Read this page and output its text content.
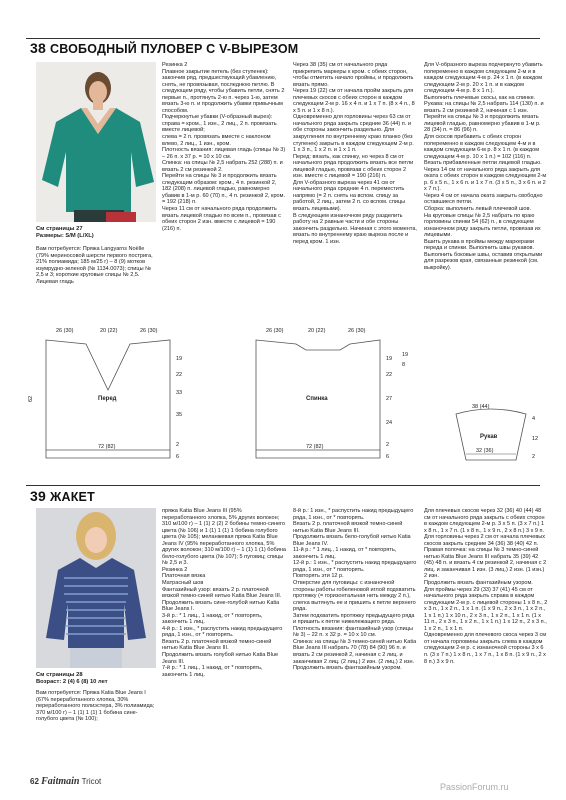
38 СВОБОДНЫЙ ПУЛОВЕР С V-ВЫРЕЗОМ
См страницы 27
Размеры: S/M (L/XL)
Вам потребуется: Пряжа Langyarns Noëlle (79% мериносовой шерсти первого пострига, 21% полиамида; 185 м/25 г) – 8 (9) мотков изумрудно-зеленой (№ 1134.0073); спицы № 2,5 и 3; короткие круговые спицы № 2,5.
Лицевая гладь
Резинка 2
Плавное закрытие петель (без ступенек): закончив ряд, предшествующий убавлению, снять, не провязывая, последнюю петлю. В следующем ряду, чтобы убавить петли, снять 2 первые п., протянуть 2-ю п. через 1-ю, затем вязать 3-ю п. и продолжить убавки привычным способом.
Подчеркнутые убавки (V-образный вырез):
справа = кром., 1 изн., 2 лиц., 2 п. провязать вместе лицевой;
слева = 2 п. провязать вместе с наклоном влево, 2 лиц., 1 изн., кром.
Плотность вязания: лицевая гладь (спицы № 3) – 26 п. х 37 р. = 10 х 10 см.
Спинка: на спицы № 2,5 набрать 252 (288) п. и вязать 2 см резинкой 2.
Перейти на спицы № 3 и продолжить вязать следующим образом: кром., 4 п. резинкой 2, 182 (208) п. лицевой гладью, равномерно убавив в 1-м р. 60 (70) п., 4 п. резинкой 2, кром. = 192 (218) п.
Через 11 см от начального ряда продолжить вязать лицевой гладью по всем п., провязав с обеих сторон 2 изн. вместе с лицевой = 190 (216) п.
Через 38 (35) см от начального ряда прикрепить маркеры к кром. с обеих сторон, чтобы отметить начало проймы, и продолжить вязать прямо.
Через 19 (22) см от начала пройм закрыть для плечевых скосов с обеих сторон в каждом следующем 2-м р. 16 х 4 п. и 1 х 7 п. (8 х 4 п., 8 х 5 п. и 1 х 8 п.).
Одновременно для горловины через 63 см от начального ряда закрыть средние 36 (44) п. и обе стороны закончить раздельно. Для закругления по внутреннему краю планко (без ступенек) закрыть в каждом следующем 2-м р. 1 х 3 п., 1 х 2 п. и 1 х 1 п.
Перед: вязать, как спинку, но через 8 см от начального ряда продолжить вязать все петли лицевой гладью, провязав с обеих сторон 2 изн. вместе с лицевой = 190 (216) п.
Для V-образного выреза через 41 см от начального ряда средние 4 п. переместить напрямо (= 2 п. снять на вспом. спицу за работой, 2 лиц., затем 2 п. со вспом. спицы вязать лицевыми).
В следующем изнаночном ряду разделить работу на 2 равные части и обе стороны закончить раздельно. Начиная с этого момента, вязать по внутреннему краю выреза после и перед кром. 1 изн.
Для V-образного выреза подчеркнуто убавить попеременно в каждом следующем 2-м и в каждом следующем 4-м р. 24 х 1 п. (в каждом следующем 2-м р. 20 х 1 п. и в каждом следующем 4-м р. 8 х 1 п.).
Выполнить плечевые скосы, как на спинке.
Рукава: на спицы № 2,5 набрать 114 (130) п. и вязать 2 см резинкой 2, начиная с 1 изн.
Перейти на спицы № 3 и продолжить вязать лицевой гладью, равномерно убавив в 1-м р. 28 (34) п. = 86 (96) п.
Для скосов прибавить с обеих сторон попеременно в каждом следующем 4-м и в каждом следующем 6-м р. 8 х 1 п. (в каждом следующем 4-м р. 10 х 1 п.) = 102 (116) п. Вязать прибавленные петли лицевой гладью.
Через 14 см от начального ряда закрыть для оката с обеих сторон в каждом следующем 2-м р. 6 х 5 п., 1 х 6 п. и 1 х 7 п. (3 х 5 п., 3 х 6 п. и 2 х 7 п.).
Через 4 см от начала оката закрыть свободно оставшиеся петли.
Сборка: выполнить левый плечевой шов.
На круговые спицы № 2,5 набрать по краю горловины спинки 54 (62) п., в следующем изнаночном ряду закрыть петли, провязав их лицевыми.
Вшить рукава в проймы между маркерами переда и спинки. Выполнить швы рукавов.
Выполнить боковые швы, оставив открытыми для разрезов края, связанные резинкой (см. выкройку).
Перед
72 (82)
26 (30)	20 (22)	26 (30)
62
19
22
33
35
2
6
Спинка
72 (82)
26 (30)	20 (22)	26 (30)
19
22
27
24
2
6
19
8
38 (44)
Рукав
32 (36)
4
12
2
39 ЖАКЕТ
См страницы 28
Возраст: 2 (4) 6 (8) 10 лет
Вам потребуется: Пряжа Katia Blue Jeans I (67% переработанного хлопка, 30% переработанного полиэстера, 3% полиамида; 370 м/100 г) – 1 (1) 1 (1) 1 бобина сине-голубого цвета (№ 100);
пряжа Katia Blue Jeans III (95% переработанного хлопка, 5% других волокон; 310 м/100 г) – 1 (1) 2 (2) 2 бобины темно-синего цвета (№ 106) и 1 (1) 1 (1) 1 бобина голубого цвета (№ 105); меланжевая пряжа Katia Blue Jeans IV (95% переработанного хлопка, 5% других волокон; 310 м/100 г) – 1 (1) 1 (1) бобина бело-голубого цвета (№ 107); 5 пуговиц; спицы № 2,5 и 3.
Резинка 2
Платочная вязка
Матрасный шов
Фантазийный узор: вязать 2 р. платочной вязкой темно-синей нитью Katia Blue Jeans III.
Продолжить вязать сине-голубой нитью Katia Blue Jeans I.
3-й р.: * 1 лиц., 1 накид, от * повторять, закончить 1 лиц.
4-й р.: 1 изн., * распустить накид предыдущего ряда, 1 изн., от * повторять.
Вязать 2 р. платочной вязкой темно-синей нитью Katia Blue Jeans III.
Продолжить вязать голубой нитью Katia Blue Jeans III.
7-й р.: * 1 лиц., 1 накид, от * повторять, закончить 1 лиц.
8-й р.: 1 изн., * распустить накид предыдущего ряда, 1 изн., от * повторять.
Вязать 2 р. платочной вязкой темно-синей нитью Katia Blue Jeans III.
Продолжить вязать бело-голубой нитью Katia Blue Jeans IV.
11-й р.: * 1 лиц., 1 накид, от * повторять, закончить 1 лиц.
12-й р.: 1 изн., * распустить накид предыдущего ряда, 1 изн., от * повторять.
Повторять эти 12 р.
Отверстие для пуговицы: с изнаночной стороны работы гобеленовой иглой подхватить протяжку (= горизонтальная нить между 2 п.), слегка вытянуть ее и пришить к петле верхнего ряда.
Затем подхватить протяжку предыдущего ряда и пришить к петле нижележащего ряда.
Плотность вязания: фантазийный узор (спицы № 3) – 22 п. х 32 р. = 10 х 10 см.
Спинка: на спицы № 3 темно-синей нитью Katia Blue Jeans III набрать 70 (78) 84 (90) 96 п. и вязать 2 см резинкой 2, начиная с 2 лиц. и заканчивая 2 лиц. (2 лиц.) 2 изн. (2 лиц.) 2 изн.
Продолжить вязать фантазийным узором.
Для плечевых скосов через 32 (36) 40 (44) 48 см от начального ряда закрыть с обеих сторон в каждом следующем 2-м р. 3 х 5 п. (3 х 7 п.) 1 х 8 п., 1 х 7 п. (1 х 8 п., 1 х 9 п., 2 х 8 п.) 3 х 9 п.
Для горловины через 2 см от начала плечевых скосов закрыть средние 34 (36) 38 (40) 42 п.
Правая полочка: на спицы № 3 темно-синей нитью Katia Blue Jeans III набрать 35 (39) 42 (45) 48 п. и вязать 4 см резинкой 2, начиная с 2 лиц. и заканчивая 1 изн. (3 лиц.) 2 изн. (1 изн.) 2 изн.
Продолжить вязать фантазийным узором.
Для проймы через 29 (33) 37 (41) 45 см от начального ряда закрыть справа в каждом следующем 2-м р. с лицевой стороны 1 х 8 п., 2 х 3 п., 1 х 2 п., 1 х 1 п. (1 х 9 п., 2 х 3 п., 1 х 2 п., 1 х 1 п.) 1 х 10 п., 2 х 3 п., 1 х 2 п., 1 х 1 п. (1 х 11 п., 2 х 3 п., 1 х 2 п., 1 х 1 п.) 1 х 12 п., 2 х 3 п., 1 х 2 п., 1 х 1 п.
Одновременно для плечевого скоса через 3 см от начала горловины закрыть слева в каждом следующем 2-м р. с изнаночной стороны 3 х 6 п. (3 х 7 п.) 1 х 8 п., 1 х 7 п., 1 х 8 п. (1 х 9 п., 2 х 8 п.) 3 х 9 п.
62 Faitmain Tricot
PassionForum.ru
